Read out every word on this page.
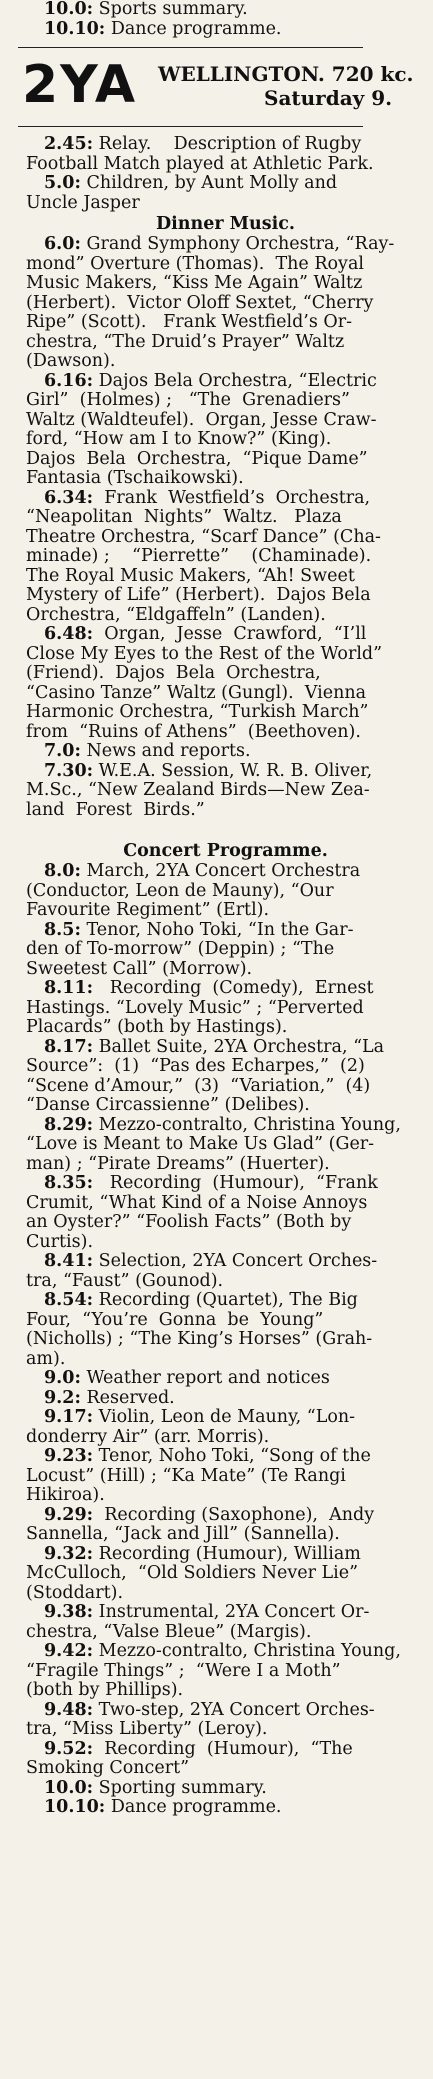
10.0: Sports summary.
10.10: Dance programme.
2YA WELLINGTON. 720 kc.
Saturday 9.
2.45: Relay.    Description of Rugby
Football Match played at Athletic Park.
5.0: Children, by Aunt Molly and
Uncle Jasper
Dinner Music.
6.0: Grand Symphony Orchestra, “Ray-
mond” Overture (Thomas).  The Royal
Music Makers, “Kiss Me Again” Waltz
(Herbert).  Victor Oloff Sextet, “Cherry
Ripe” (Scott).   Frank Westfield’s Or-
chestra, “The Druid’s Prayer” Waltz
(Dawson).
6.16: Dajos Bela Orchestra, “Electric
Girl”  (Holmes) ;   “The  Grenadiers”
Waltz (Waldteufel).  Organ, Jesse Craw-
ford, “How am I to Know?” (King).
Dajos  Bela  Orchestra,  “Pique Dame”
Fantasia (Tschaikowski).
6.34:  Frank  Westfield’s  Orchestra,
“Neapolitan  Nights”  Waltz.   Plaza
Theatre Orchestra, “Scarf Dance” (Cha-
minade) ;    “Pierrette”    (Chaminade).
The Royal Music Makers, “Ah! Sweet
Mystery of Life” (Herbert).  Dajos Bela
Orchestra, “Eldgaffeln” (Landen).
6.48:  Organ,  Jesse  Crawford,  “I’ll
Close My Eyes to the Rest of the World”
(Friend).  Dajos  Bela  Orchestra,
“Casino Tanze” Waltz (Gungl).  Vienna
Harmonic Orchestra, “Turkish March”
from  “Ruins of Athens”  (Beethoven).
7.0: News and reports.
7.30: W.E.A. Session, W. R. B. Oliver,
M.Sc., “New Zealand Birds—New Zea-
land  Forest  Birds.”
Concert Programme.
8.0: March, 2YA Concert Orchestra
(Conductor, Leon de Mauny), “Our
Favourite Regiment” (Ertl).
8.5: Tenor, Noho Toki, “In the Gar-
den of To-morrow” (Deppin) ; “The
Sweetest Call” (Morrow).
8.11:   Recording  (Comedy),  Ernest
Hastings. “Lovely Music” ; “Perverted
Placards” (both by Hastings).
8.17: Ballet Suite, 2YA Orchestra, “La
Source”:  (1)  “Pas des Echarpes,”  (2)
“Scene d’Amour,”  (3)  “Variation,”  (4)
“Danse Circassienne” (Delibes).
8.29: Mezzo-contralto, Christina Young,
“Love is Meant to Make Us Glad” (Ger-
man) ; “Pirate Dreams” (Huerter).
8.35:   Recording  (Humour),  “Frank
Crumit, “What Kind of a Noise Annoys
an Oyster?” “Foolish Facts” (Both by
Curtis).
8.41: Selection, 2YA Concert Orches-
tra, “Faust” (Gounod).
8.54: Recording (Quartet), The Big
Four,  “You’re  Gonna  be  Young”
(Nicholls) ; “The King’s Horses” (Grah-
am).
9.0: Weather report and notices
9.2: Reserved.
9.17: Violin, Leon de Mauny, “Lon-
donderry Air” (arr. Morris).
9.23: Tenor, Noho Toki, “Song of the
Locust” (Hill) ; “Ka Mate” (Te Rangi
Hikiroa).
9.29:  Recording (Saxophone),  Andy
Sannella, “Jack and Jill” (Sannella).
9.32: Recording (Humour), William
McCulloch,  “Old Soldiers Never Lie”
(Stoddart).
9.38: Instrumental, 2YA Concert Or-
chestra, “Valse Bleue” (Margis).
9.42: Mezzo-contralto, Christina Young,
“Fragile Things” ;  “Were I a Moth”
(both by Phillips).
9.48: Two-step, 2YA Concert Orches-
tra, “Miss Liberty” (Leroy).
9.52:  Recording  (Humour),  “The
Smoking Concert”
10.0: Sporting summary.
10.10: Dance programme.
